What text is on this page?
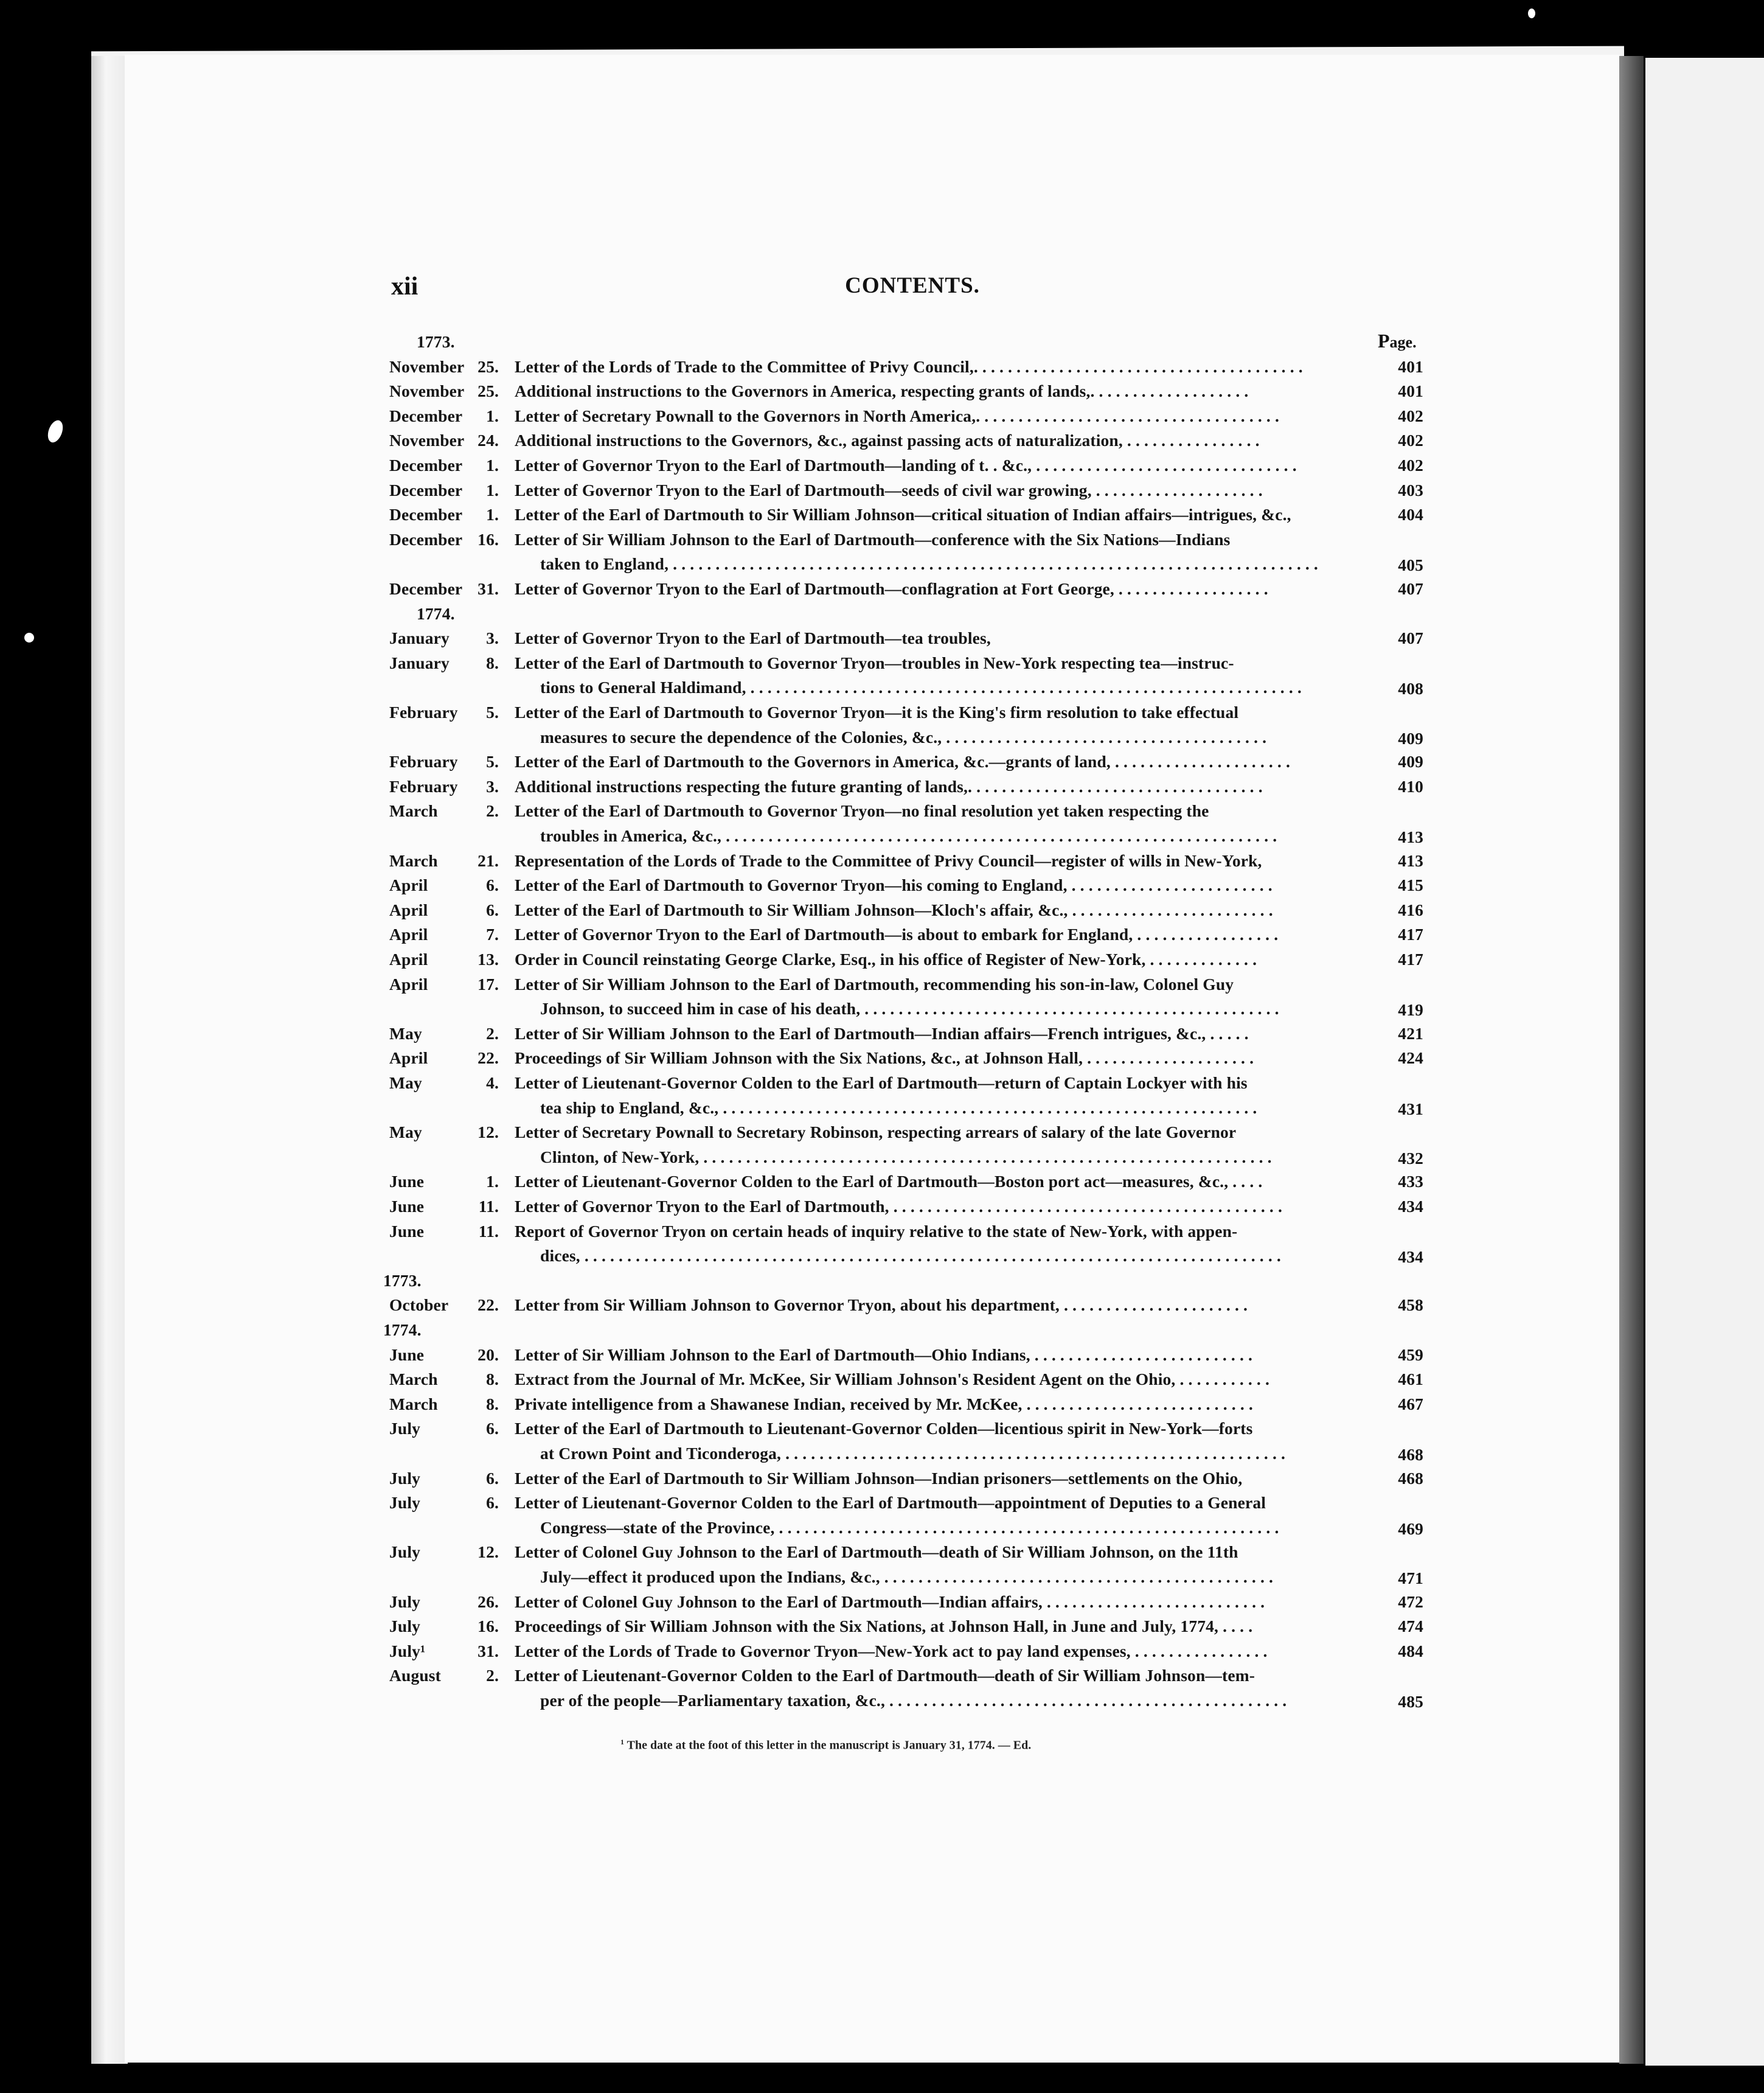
xii	CONTENTS.
Page.
1773.
November 25. Letter of the Lords of Trade to the Committee of Privy Council,. . . . . . . . . . . . . . . . . . . . . . . . . . . . . . . . . . . . . . .	401
November 25. Additional instructions to the Governors in America, respecting grants of lands,. . . . . . . . . . . . . . . . . . .	401
December	1. Letter of Secretary Pownall to the Governors in North America,. . . . . . . . . . . . . . . . . . . . . . . . . . . . . . . . . . . .	402
November 24. Additional instructions to the Governors, &c., against passing acts of naturalization, . . . . . . . . . . . . . . . .	402
December	1. Letter of Governor Tryon to the Earl of Dartmouth—landing of t. . &c., . . . . . . . . . . . . . . . . . . . . . . . . . . . . . . .	402
December	1. Letter of Governor Tryon to the Earl of Dartmouth—seeds of civil war growing, . . . . . . . . . . . . . . . . . . . .	403
December	1. Letter of the Earl of Dartmouth to Sir William Johnson—critical situation of Indian affairs—intrigues, &c.,	404
December 16. Letter of Sir William Johnson to the Earl of Dartmouth—conference with the Six Nations—Indians
taken to England, . . . . . . . . . . . . . . . . . . . . . . . . . . . . . . . . . . . . . . . . . . . . . . . . . . . . . . . . . . . . . . . . . . . . . . . . . . . .	405
December 31. Letter of Governor Tryon to the Earl of Dartmouth—conflagration at Fort George, . . . . . . . . . . . . . . . . . .	407
1774.
January	3. Letter of Governor Tryon to the Earl of Dartmouth—tea troubles,	407
January	8. Letter of the Earl of Dartmouth to Governor Tryon—troubles in New-York respecting tea—instruc-
tions to General Haldimand, . . . . . . . . . . . . . . . . . . . . . . . . . . . . . . . . . . . . . . . . . . . . . . . . . . . . . . . . . . . . . . . . .	408
February	5. Letter of the Earl of Dartmouth to Governor Tryon—it is the King's firm resolution to take effectual
measures to secure the dependence of the Colonies, &c., . . . . . . . . . . . . . . . . . . . . . . . . . . . . . . . . . . . . . .	409
February	5. Letter of the Earl of Dartmouth to the Governors in America, &c.—grants of land, . . . . . . . . . . . . . . . . . . . . .	409
February	3. Additional instructions respecting the future granting of lands,. . . . . . . . . . . . . . . . . . . . . . . . . . . . . . . . . . .	410
March	2. Letter of the Earl of Dartmouth to Governor Tryon—no final resolution yet taken respecting the
troubles in America, &c., . . . . . . . . . . . . . . . . . . . . . . . . . . . . . . . . . . . . . . . . . . . . . . . . . . . . . . . . . . . . . . . . .	413
March	21. Representation of the Lords of Trade to the Committee of Privy Council—register of wills in New-York,	413
April	6. Letter of the Earl of Dartmouth to Governor Tryon—his coming to England, . . . . . . . . . . . . . . . . . . . . . . . .	415
April	6. Letter of the Earl of Dartmouth to Sir William Johnson—Kloch's affair, &c., . . . . . . . . . . . . . . . . . . . . . . . .	416
April	7. Letter of Governor Tryon to the Earl of Dartmouth—is about to embark for England, . . . . . . . . . . . . . . . . .	417
April	13. Order in Council reinstating George Clarke, Esq., in his office of Register of New-York, . . . . . . . . . . . . .	417
April	17. Letter of Sir William Johnson to the Earl of Dartmouth, recommending his son-in-law, Colonel Guy
Johnson, to succeed him in case of his death, . . . . . . . . . . . . . . . . . . . . . . . . . . . . . . . . . . . . . . . . . . . . . . . . .	419
May	2. Letter of Sir William Johnson to the Earl of Dartmouth—Indian affairs—French intrigues, &c., . . . . .	421
April	22. Proceedings of Sir William Johnson with the Six Nations, &c., at Johnson Hall, . . . . . . . . . . . . . . . . . . . .	424
May	4. Letter of Lieutenant-Governor Colden to the Earl of Dartmouth—return of Captain Lockyer with his
tea ship to England, &c., . . . . . . . . . . . . . . . . . . . . . . . . . . . . . . . . . . . . . . . . . . . . . . . . . . . . . . . . . . . . . . .	431
May	12. Letter of Secretary Pownall to Secretary Robinson, respecting arrears of salary of the late Governor
Clinton, of New-York, . . . . . . . . . . . . . . . . . . . . . . . . . . . . . . . . . . . . . . . . . . . . . . . . . . . . . . . . . . . . . . . . . . .	432
June	1. Letter of Lieutenant-Governor Colden to the Earl of Dartmouth—Boston port act—measures, &c., . . . .	433
June	11. Letter of Governor Tryon to the Earl of Dartmouth, . . . . . . . . . . . . . . . . . . . . . . . . . . . . . . . . . . . . . . . . . . . . . .	434
June	11. Report of Governor Tryon on certain heads of inquiry relative to the state of New-York, with appen-
dices, . . . . . . . . . . . . . . . . . . . . . . . . . . . . . . . . . . . . . . . . . . . . . . . . . . . . . . . . . . . . . . . . . . . . . . . . . . . . . . . . . .	434
1773.
October	22. Letter from Sir William Johnson to Governor Tryon, about his department, . . . . . . . . . . . . . . . . . . . . . .	458
1774.
June	20. Letter of Sir William Johnson to the Earl of Dartmouth—Ohio Indians, . . . . . . . . . . . . . . . . . . . . . . . . . .	459
March	8. Extract from the Journal of Mr. McKee, Sir William Johnson's Resident Agent on the Ohio, . . . . . . . . . . .	461
March	8. Private intelligence from a Shawanese Indian, received by Mr. McKee, . . . . . . . . . . . . . . . . . . . . . . . . . . .	467
July	6. Letter of the Earl of Dartmouth to Lieutenant-Governor Colden—licentious spirit in New-York—forts
at Crown Point and Ticonderoga, . . . . . . . . . . . . . . . . . . . . . . . . . . . . . . . . . . . . . . . . . . . . . . . . . . . . . . . . . . .	468
July	6. Letter of the Earl of Dartmouth to Sir William Johnson—Indian prisoners—settlements on the Ohio,	468
July	6. Letter of Lieutenant-Governor Colden to the Earl of Dartmouth—appointment of Deputies to a General
Congress—state of the Province, . . . . . . . . . . . . . . . . . . . . . . . . . . . . . . . . . . . . . . . . . . . . . . . . . . . . . . . . . . .	469
July	12. Letter of Colonel Guy Johnson to the Earl of Dartmouth—death of Sir William Johnson, on the 11th
July—effect it produced upon the Indians, &c., . . . . . . . . . . . . . . . . . . . . . . . . . . . . . . . . . . . . . . . . . . . . . .	471
July	26. Letter of Colonel Guy Johnson to the Earl of Dartmouth—Indian affairs, . . . . . . . . . . . . . . . . . . . . . . . . . .	472
July	16. Proceedings of Sir William Johnson with the Six Nations, at Johnson Hall, in June and July, 1774, . . . .	474
July¹	31. Letter of the Lords of Trade to Governor Tryon—New-York act to pay land expenses, . . . . . . . . . . . . . . . .	484
August	2. Letter of Lieutenant-Governor Colden to the Earl of Dartmouth—death of Sir William Johnson—tem-
per of the people—Parliamentary taxation, &c., . . . . . . . . . . . . . . . . . . . . . . . . . . . . . . . . . . . . . . . . . . . . . . .	485
$^1$ The date at the foot of this letter in the manuscript is January 31, 1774. — Ed.
